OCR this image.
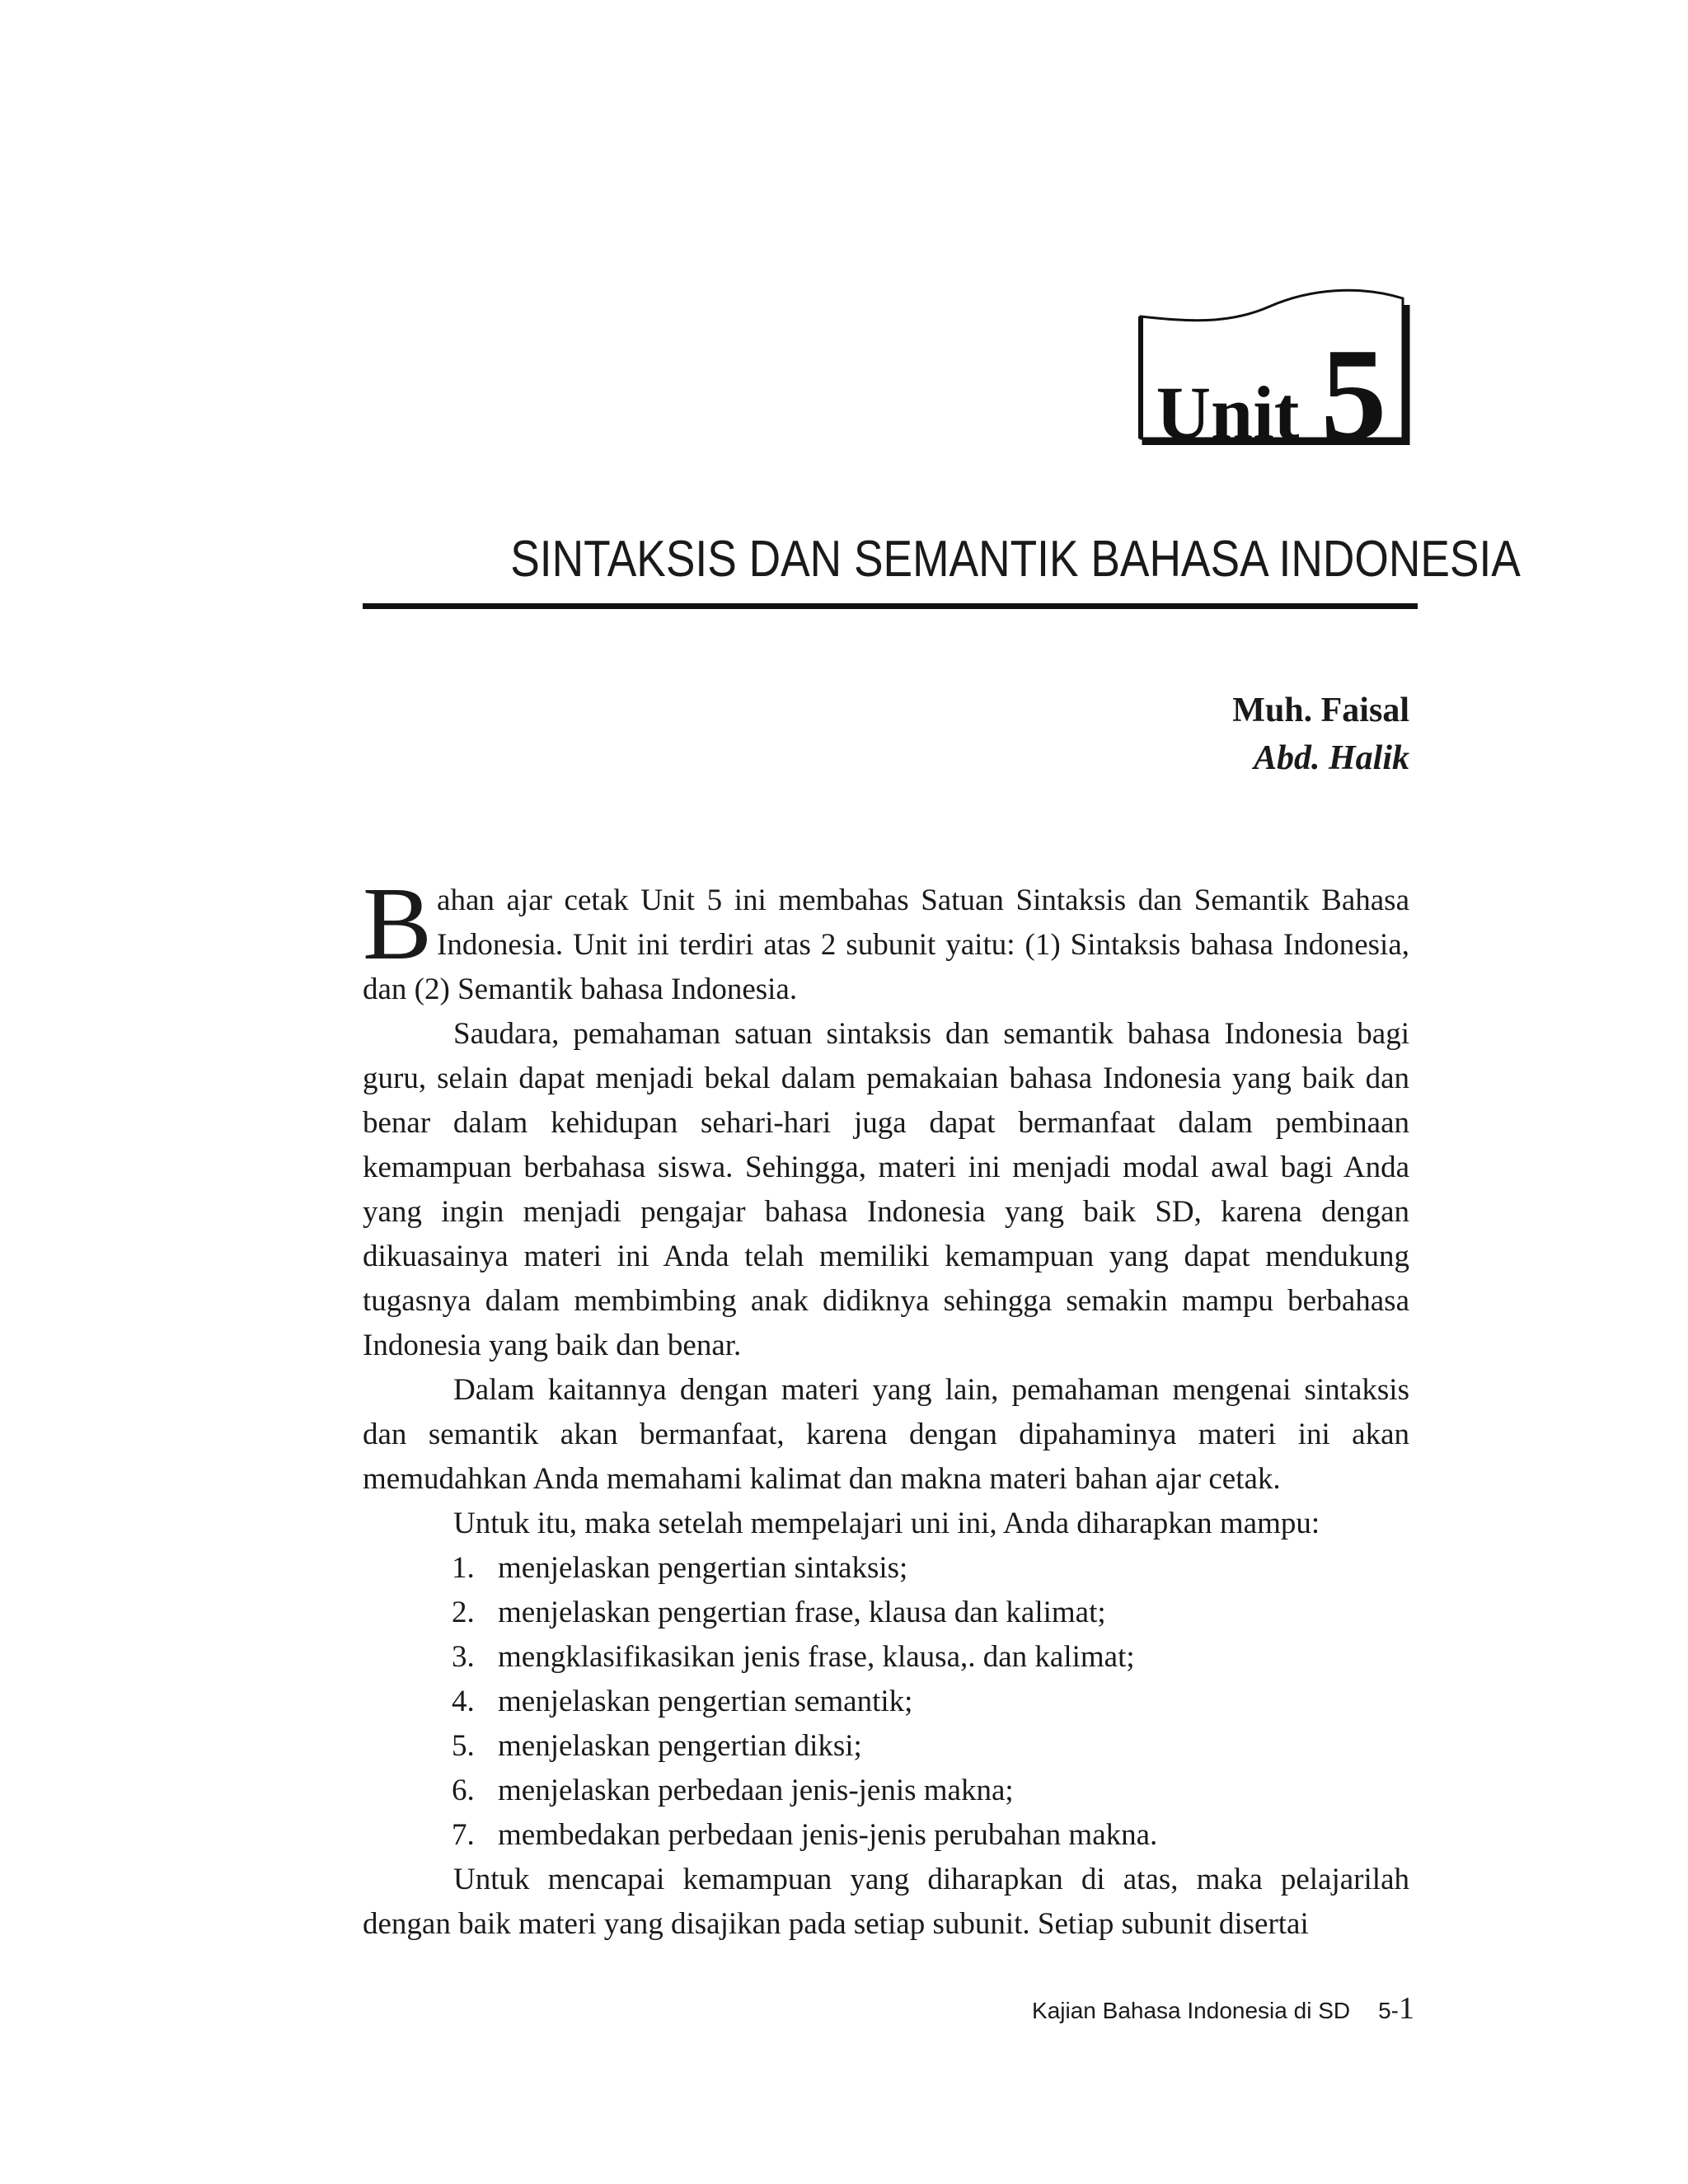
Unit 5
SINTAKSIS DAN SEMANTIK BAHASA INDONESIA
Muh. Faisal
Abd. Halik

Bahan ajar cetak Unit 5 ini membahas Satuan Sintaksis dan Semantik Bahasa Indonesia. Unit ini terdiri atas 2 subunit yaitu: (1) Sintaksis bahasa Indonesia, dan (2) Semantik bahasa Indonesia.

Saudara, pemahaman satuan sintaksis dan semantik bahasa Indonesia bagi guru, selain dapat menjadi bekal dalam pemakaian bahasa Indonesia yang baik dan benar dalam kehidupan sehari-hari juga dapat bermanfaat dalam pembinaan kemampuan berbahasa siswa. Sehingga, materi ini menjadi modal awal bagi Anda yang ingin menjadi pengajar bahasa Indonesia yang baik SD, karena dengan dikuasainya materi ini Anda telah memiliki kemampuan yang dapat mendukung tugasnya dalam membimbing anak didiknya sehingga semakin mampu berbahasa Indonesia yang baik dan benar.

Dalam kaitannya dengan materi yang lain, pemahaman mengenai sintaksis dan semantik akan bermanfaat, karena dengan dipahaminya materi ini akan memudahkan Anda memahami kalimat dan makna materi bahan ajar cetak.

Untuk itu, maka setelah mempelajari uni ini, Anda diharapkan mampu:

1. menjelaskan pengertian sintaksis;
2. menjelaskan pengertian frase, klausa dan kalimat;
3. mengklasifikasikan jenis frase, klausa,. dan kalimat;
4. menjelaskan pengertian semantik;
5. menjelaskan pengertian diksi;
6. menjelaskan perbedaan jenis-jenis makna;
7. membedakan perbedaan jenis-jenis perubahan makna.

Untuk mencapai kemampuan yang diharapkan di atas, maka pelajarilah dengan baik materi yang disajikan pada setiap subunit. Setiap subunit disertai

Kajian Bahasa Indonesia di SD 5- 1
